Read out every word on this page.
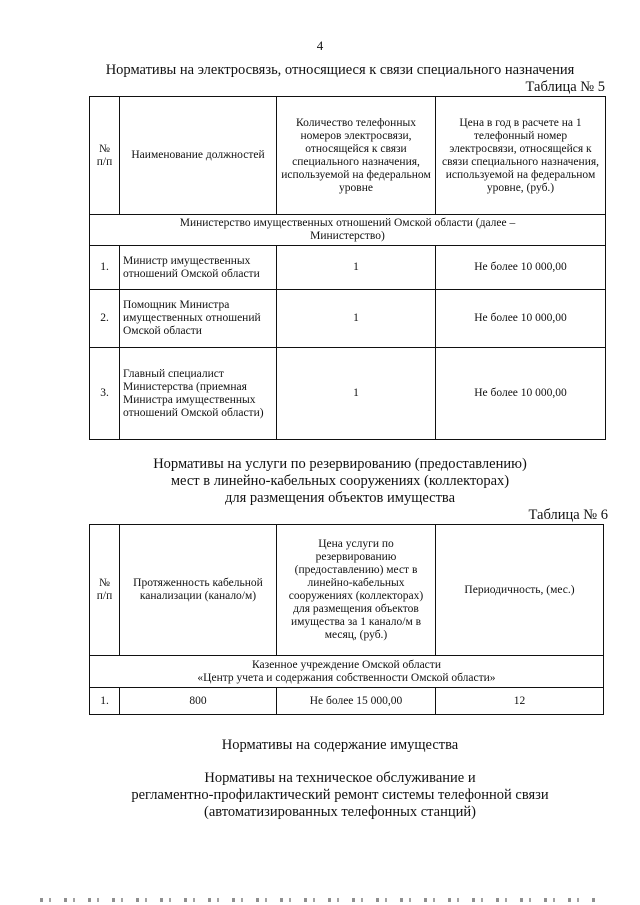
4
Нормативы на электросвязь, относящиеся к связи специального назначения
Таблица № 5
№ п/п	Наименование должностей	Количество телефонных номеров электросвязи, относящейся к связи специального назначения, используемой на федеральном уровне	Цена в год в расчете на 1 телефонный номер электросвязи, относящейся к связи специального назначения, используемой на федеральном уровне, (руб.)
Министерство имущественных отношений Омской области (далее – Министерство)			
1.	Министр имущественных отношений Омской области	1	Не более 10 000,00
2.	Помощник Министра имущественных отношений Омской области	1	Не более 10 000,00
3.	Главный специалист Министерства (приемная Министра имущественных отношений Омской области)	1	Не более 10 000,00
Нормативы на услуги по резервированию (предоставлению)
мест в линейно-кабельных сооружениях (коллекторах)
для размещения объектов имущества
Таблица № 6
№ п/п	Протяженность кабельной канализации (канало/м)	Цена услуги по резервированию (предоставлению) мест в линейно-кабельных сооружениях (коллекторах) для размещения объектов имущества за 1 канало/м в месяц, (руб.)	Периодичность, (мес.)

Казенное учреждение Омской области
«Центр учета и содержания собственности Омской области»			

1.	800	Не более 15 000,00	12
Нормативы на содержание имущества
Нормативы на техническое обслуживание и
регламентно-профилактический ремонт системы телефонной связи
(автоматизированных телефонных станций)
